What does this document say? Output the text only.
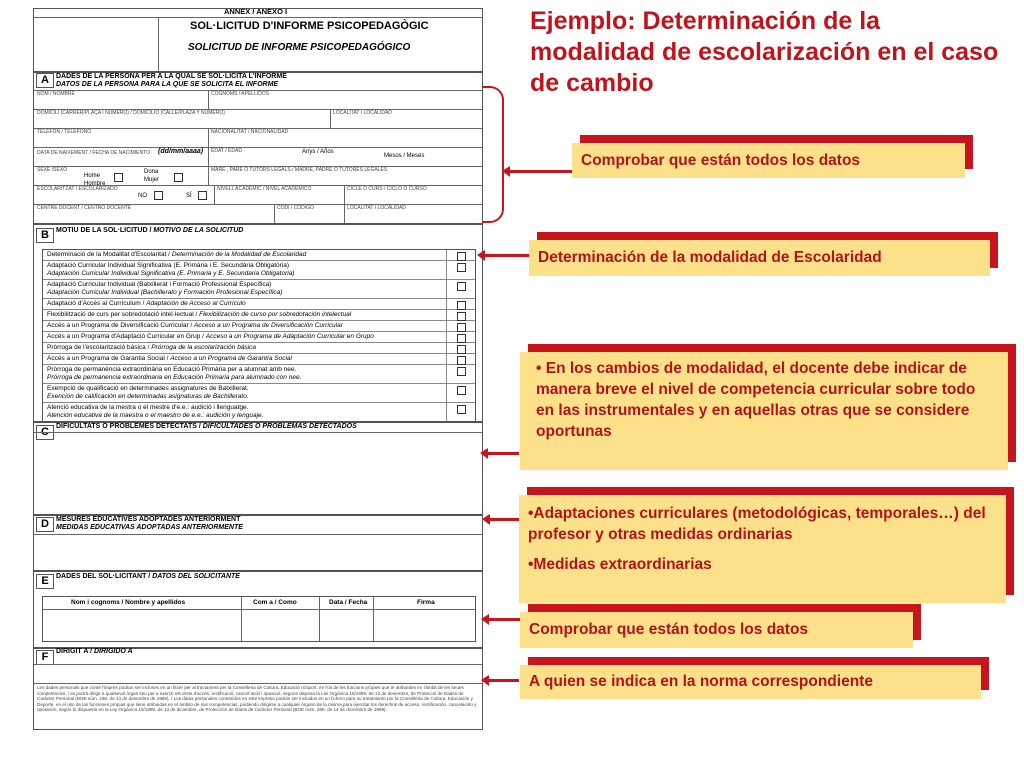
ANNEX / ANEXO I
SOL·LICITUD D'INFORME PSICOPEDAGÒGIC
SOLICITUD DE INFORME PSICOPEDAGÓGICO
A	DADES DE LA PERSONA PER A LA QUAL SE SOL·LICITA L'INFORME
DATOS DE LA PERSONA PARA LA QUE SE SOLICITA EL INFORME
NOM / NOMBRE	COGNOMS / APELLIDOS
DOMICILI (CARRER/PLAÇA I NÚMERO) / DOMICILIO (CALLE/PLAZA Y NÚMERO)	LOCALITAT / LOCALIDAD
TELÈFON / TELÉFONO	NACIONALITAT / NACIONALIDAD
DATA DE NAIXEMENT / FECHA DE NACIMIENTO (dd/mm/aaaa) EDAT / EDAD	Anys / Años
Mesos / Meses
SEXE /SEXO
Home Hombre
Dona Mujer
MARE , PARE O TUTORS LEGALS / MADRE, PADRE O TUTORES LEGALES
ESCOLARITZAT / ESCOLARIZADO
NO	SÍ
NIVELL ACADÈMIC / NIVEL ACADÉMICO	CICLE O CURS / CICLO O CURSO
CENTRE DOCENT / CENTRO DOCENTE	CODI / CÓDIGO	LOCALITAT / LOCALIDAD
B	MOTIU DE LA SOL·LICITUD / MOTIVO DE LA SOLICITUD
Determinació de la Modalitat d'Escolaritat / Determinación de la Modalidad de Escolaridad
Adaptació Curricular Individual Significativa (E. Primària i E. Secundària Obligatòria)
Adaptación Curricular Individual Significativa (E. Primaria y E. Secundaria Obligatoria)
Adaptació Curricular Individual (Batxillerat i Formació Professional Específica)
Adaptación Curricular Individual (Bachillerato y Formación Profesional Específica)
Adaptació d'Accés al Currículum / Adaptación de Acceso al Currículo
Flexibilització de curs per sobredotació intel·lectual / Flexibilización de curso por sobredotación intelectual
Accés a un Programa de Diversificació Curricular / Acceso a un Programa de Diversificación Curricular
Accés a un Programa d'Adaptació Curricular en Grup / Acceso a un Programa de Adaptación Curricular en Grupo
Pròrroga de l'escolarització bàsica / Prórroga de la escolarización básica
Accés a un Programa de Garantia Social / Acceso a un Programa de Garantía Social
Pròrroga de permanència extraordinària en Educació Primària per a alumnat amb nee.
Prórroga de permanencia extraordinaria en Educación Primaria para alumnado con nee.
Exempció de qualificació en determinades assignatures de Batxillerat.
Exención de calificación en determinadas asignaturas de Bachillerato.
Atenció educativa de la mestra o el mestre d'e.e.: audició i llenguatge.
Atención educativa de la maestra o el maestro de e.e.: audición y lenguaje.
C	DIFICULTATS O PROBLEMES DETECTATS / DIFICULTADES O PROBLEMAS DETECTADOS
D	MESURES EDUCATIVES ADOPTADES ANTERIORMENT
MEDIDAS EDUCATIVAS ADOPTADAS ANTERIORMENTE
E	DADES DEL SOL·LICITANT / DATOS DEL SOLICITANTE
Nom i cognoms / Nombre y apellidos	Com a / Como	Data / Fecha	Firma
F	DIRIGIT A / DIRIGIDO A
Les dades personals que conté l'imprès podran ser incloses en un fitxer per al tractament per la Conselleria de Cultura, Educació i Esport, en l'ús de les funcions pròpies que té atribuïdes en l'àmbit de les seues competències, i es podrà dirigir a qualsevol òrgan seu per a exercir els drets d'accés, rectificació, cancel·lació i oposició, segons disposa la Llei Orgànica 15/1999, de 13 de desembre, de Protecció de Dades de Caràcter Personal (BOE núm. 298, de 14 de desembre de 1999). / Los datos personales contenidos en este impreso podrán ser incluidos en un fichero para su tratamiento por la Conselleria de Cultura, Educación y Deporte, en el uso de las funciones propias que tiene atribuidas en el ámbito de sus competencias, pudiendo dirigirse a cualquier órgano de la misma para ejercitar los derechos de acceso, rectificación, cancelación y oposición, según lo dispuesto en la Ley Orgánica 15/1999, de 13 de diciembre, de Protección de Datos de Carácter Personal (BOE núm. 298, de 14 de diciembre de 1999).
Ejemplo: Determinación de la modalidad de escolarización en el caso de cambio
Comprobar que están todos los datos
Determinación de la modalidad de Escolaridad
• En los cambios de modalidad, el docente debe indicar de manera breve el nivel de competencia curricular sobre todo en las instrumentales y en aquellas otras que se considere oportunas
•Adaptaciones curriculares (metodológicas, temporales…) del profesor y otras medidas ordinarias
•Medidas extraordinarias
Comprobar que están todos los datos
A quien se indica en la norma correspondiente
